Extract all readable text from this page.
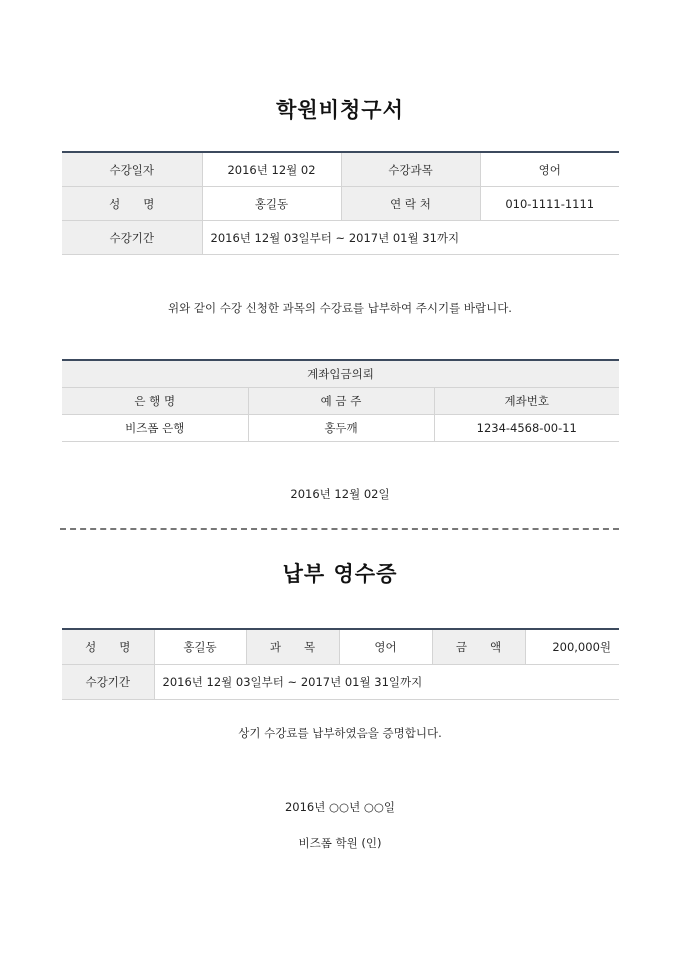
학원비청구서
수강일자	2016년 12월 02	수강과목	영어
성　　명	홍길동	연 락 처	010-1111-1111
수강기간	2016년 12월 03일부터 ~ 2017년 01월 31까지		
위와 같이 수강 신청한 과목의 수강료를 납부하여 주시기를 바랍니다.
계좌입금의뢰		
은 행 명	예 금 주	계좌번호
비즈폼 은행	홍두깨	1234-4568-00-11
2016년 12월 02일
납부 영수증
성　　명	홍길동	과　　목	영어	금　　액	200,000원
수강기간	2016년 12월 03일부터 ~ 2017년 01월 31일까지				
상기 수강료를 납부하였음을 증명합니다.
2016년 ○○년 ○○일
비즈폼 학원 (인)
